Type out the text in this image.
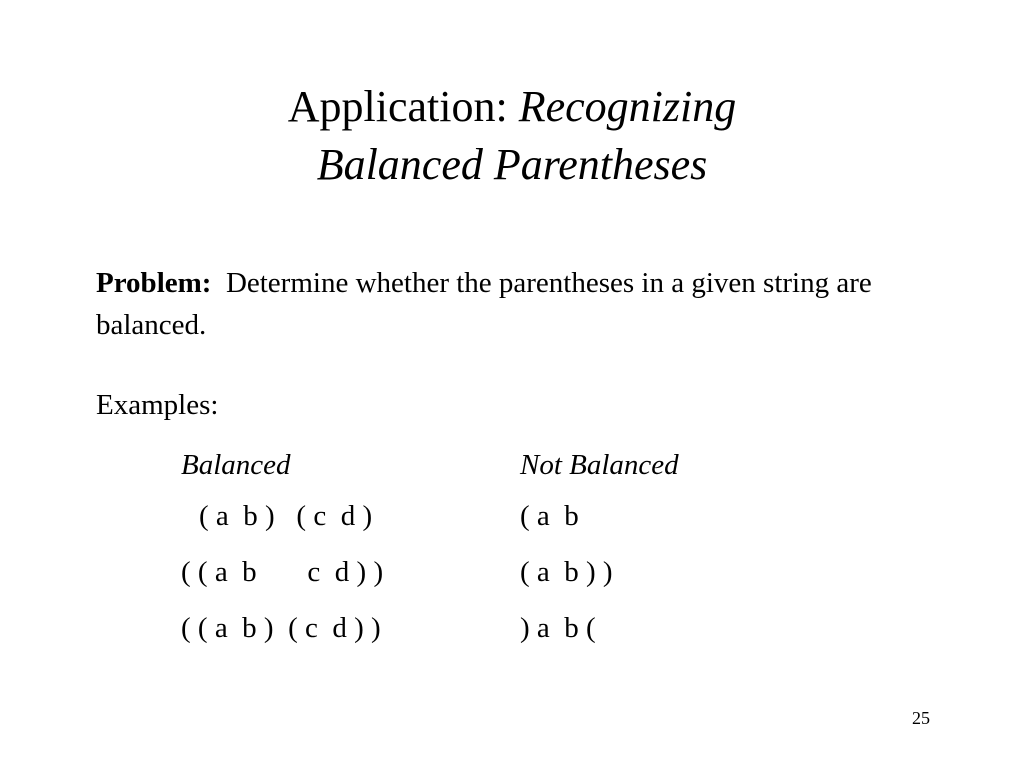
Application: Recognizing
Balanced Parentheses
Problem: Determine whether the parentheses in a given string are balanced.
Examples:
Balanced	Not Balanced
( a  b )   ( c  d )
( ( a  b       c  d ) )
( ( a  b )  ( c  d ) )
( a  b
( a  b ) )
) a  b (
25
